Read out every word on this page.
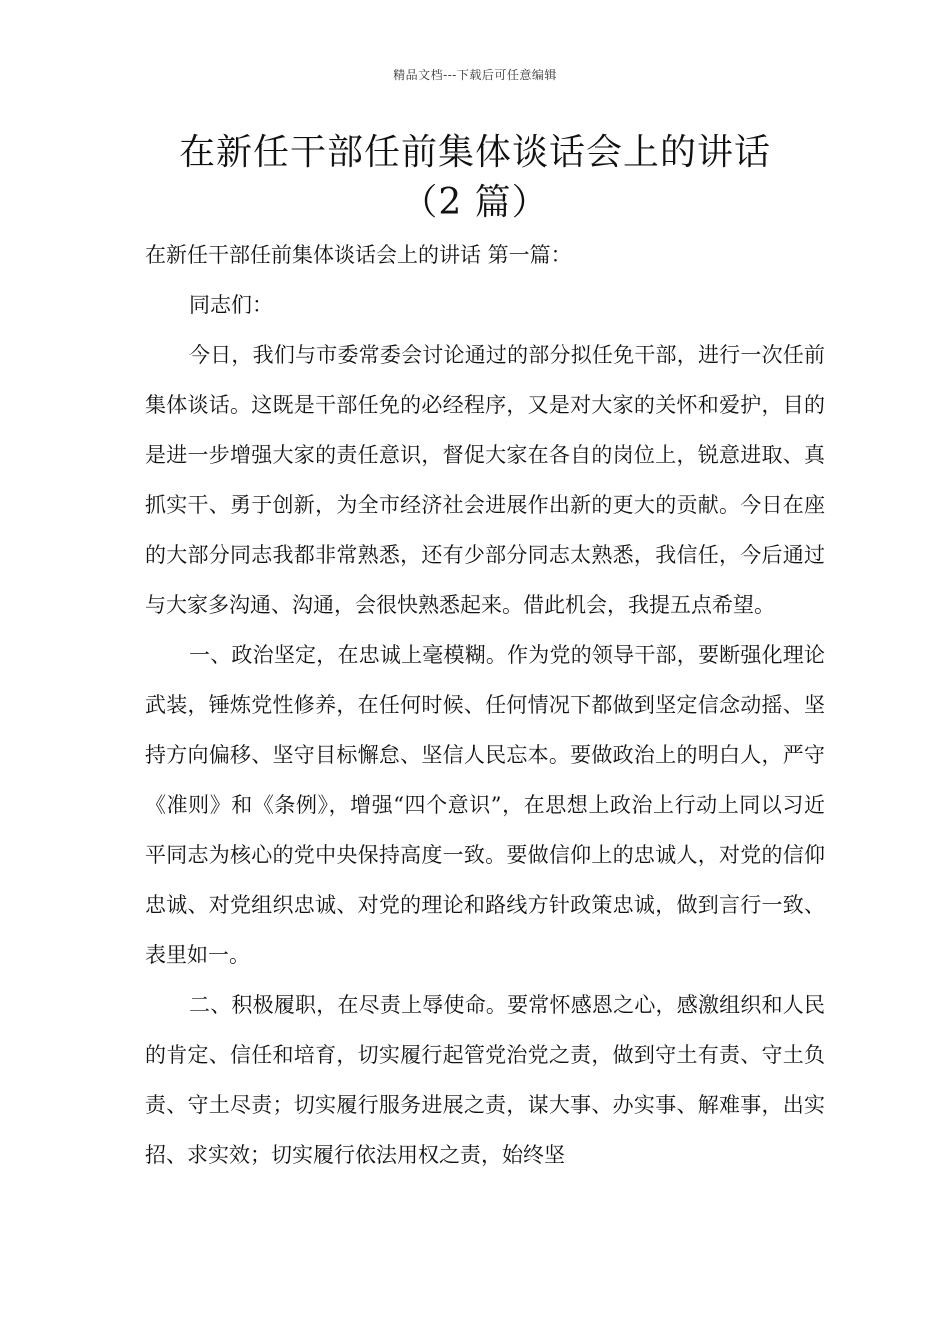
精品文档---下载后可任意编辑
在新任干部任前集体谈话会上的讲话
（2 篇）

在新任干部任前集体谈话会上的讲话 第一篇：

同志们：

今日，我们与市委常委会讨论通过的部分拟任免干部，进行一次任前集体谈话。这既是干部任免的必经程序，又是对大家的关怀和爱护，目的是进一步增强大家的责任意识，督促大家在各自的岗位上，锐意进取、真抓实干、勇于创新，为全市经济社会进展作出新的更大的贡献。今日在座的大部分同志我都非常熟悉，还有少部分同志太熟悉，我信任，今后通过与大家多沟通、沟通，会很快熟悉起来。借此机会，我提五点希望。

一、政治坚定，在忠诚上毫模糊。作为党的领导干部，要断强化理论武装，锤炼党性修养，在任何时候、任何情况下都做到坚定信念动摇、坚持方向偏移、坚守目标懈怠、坚信人民忘本。要做政治上的明白人，严守《准则》和《条例》，增强“四个意识”，在思想上政治上行动上同以习近平同志为核心的党中央保持高度一致。要做信仰上的忠诚人，对党的信仰忠诚、对党组织忠诚、对党的理论和路线方针政策忠诚，做到言行一致、表里如一。

二、积极履职，在尽责上辱使命。要常怀感恩之心，感激组织和人民的肯定、信任和培育，切实履行起管党治党之责，做到守土有责、守土负责、守土尽责；切实履行服务进展之责，谋大事、办实事、解难事，出实招、求实效；切实履行依法用权之责，始终坚
